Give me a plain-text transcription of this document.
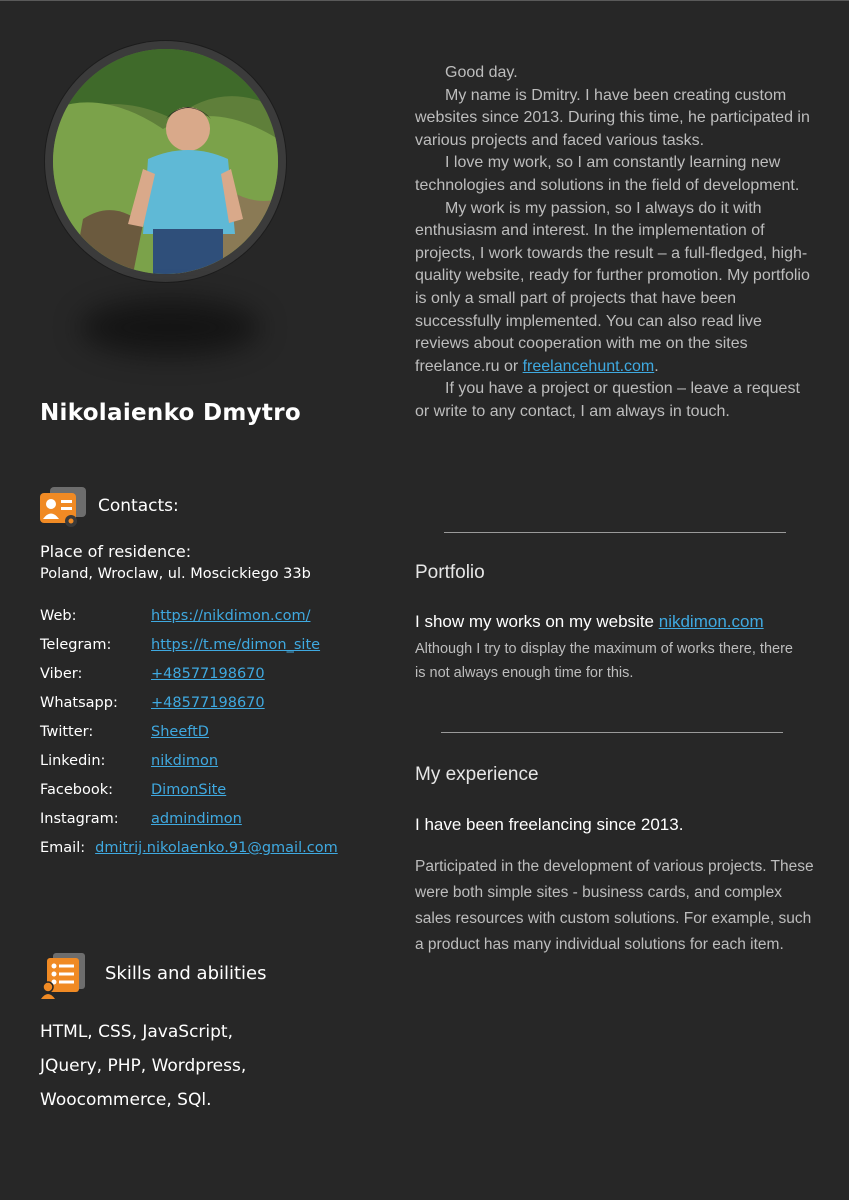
Nikolaienko Dmytro
Contacts:
Place of residence:
Poland, Wroclaw, ul. Moscickiego 33b
Web:	https://nikdimon.com/
Telegram:	https://t.me/dimon_site
Viber:	+48577198670
Whatsapp:	+48577198670
Twitter:	SheeftD
Linkedin:	nikdimon
Facebook:	DimonSite
Instagram:	admindimon
Email: dmitrij.nikolaenko.91@gmail.com
Skills and abilities
HTML, CSS, JavaScript,
JQuery, PHP, Wordpress,
Woocommerce, SQl.

Good day.

My name is Dmitry. I have been creating custom websites since 2013. During this time, he participated in various projects and faced various tasks.

I love my work, so I am constantly learning new technologies and solutions in the field of development.

My work is my passion, so I always do it with enthusiasm and interest. In the implementation of projects, I work towards the result – a full-fledged, high-quality website, ready for further promotion. My portfolio is only a small part of projects that have been successfully implemented. You can also read live reviews about cooperation with me on the sites freelance.ru or freelancehunt.com.

If you have a project or question – leave a request or write to any contact, I am always in touch.

Portfolio
I show my works on my website nikdimon.com
Although I try to display the maximum of works there, there is not always enough time for this.
My experience
I have been freelancing since 2013.
Participated in the development of various projects. These were both simple sites - business cards, and complex sales resources with custom solutions. For example, such a product has many individual solutions for each item.
